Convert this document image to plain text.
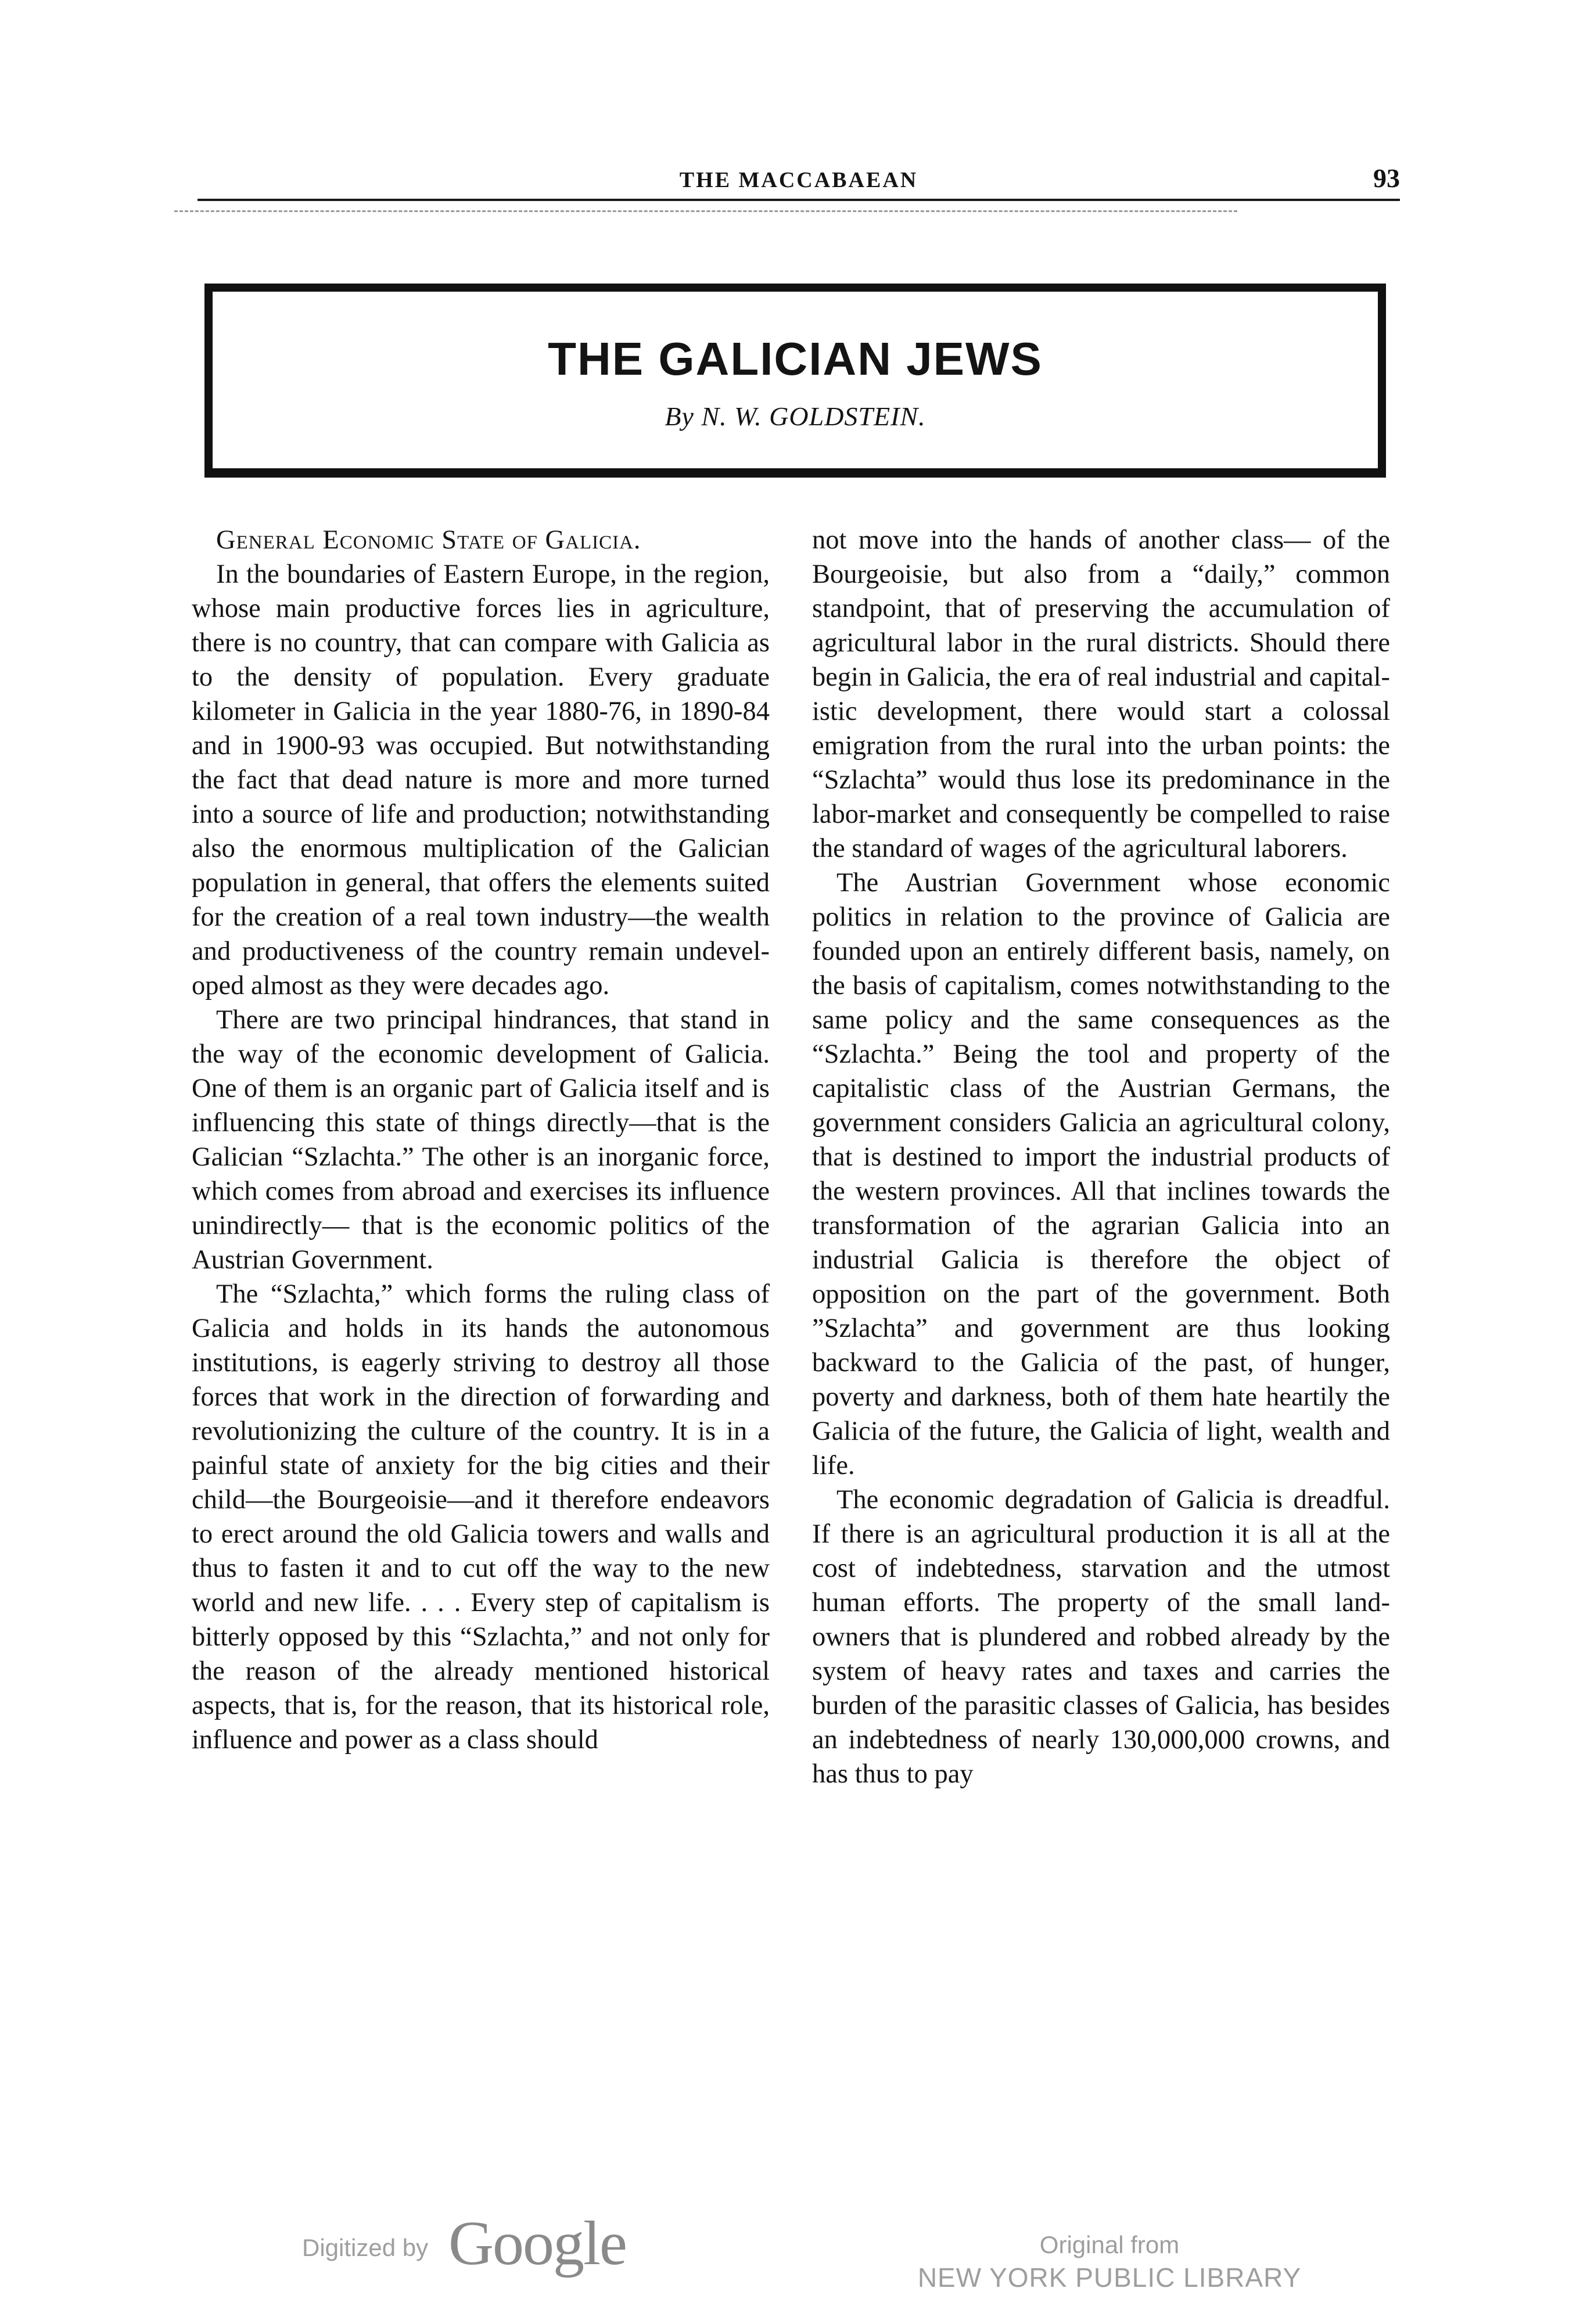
THE MACCABAEAN	93
THE GALICIAN JEWS
By N. W. GOLDSTEIN.
General Economic State of Galicia.

In the boundaries of Eastern Europe, in the region, whose main productive forces lies in agriculture, there is no country, that can compare with Galicia as to the density of population. Every graduate kilometer in Galicia in the year 1880-76, in 1890-84 and in 1900-93 was occupied. But notwithstanding the fact that dead nature is more and more turned into a source of life and production; notwithstanding also the enormous multiplication of the Galician population in general, that offers the elements suited for the creation of a real town industry—the wealth and productiveness of the country remain undeveloped almost as they were decades ago.

There are two principal hindrances, that stand in the way of the economic development of Galicia. One of them is an organic part of Galicia itself and is influencing this state of things directly—that is the Galician “Szlachta.” The other is an inorganic force, which comes from abroad and exercises its influence unindirectly— that is the economic politics of the Austrian Government.

The “Szlachta,” which forms the ruling class of Galicia and holds in its hands the autonomous institutions, is eagerly striving to destroy all those forces that work in the direction of forwarding and revolutionizing the culture of the country. It is in a painful state of anxiety for the big cities and their child—the Bourgeoisie—and it therefore endeavors to erect around the old Galicia towers and walls and thus to fasten it and to cut off the way to the new world and new life. . . . Every step of capitalism is bitterly opposed by this “Szlachta,” and not only for the reason of the already mentioned historical aspects, that is, for the reason, that its historical role, influence and power as a class should

not move into the hands of another class— of the Bourgeoisie, but also from a “daily,” common standpoint, that of preserving the accumulation of agricultural labor in the rural districts. Should there begin in Galicia, the era of real industrial and capitalistic development, there would start a colossal emigration from the rural into the urban points: the “Szlachta” would thus lose its predominance in the labor-market and consequently be compelled to raise the standard of wages of the agricultural laborers.

The Austrian Government whose economic politics in relation to the province of Galicia are founded upon an entirely different basis, namely, on the basis of capitalism, comes notwithstanding to the same policy and the same consequences as the “Szlachta.” Being the tool and property of the capitalistic class of the Austrian Germans, the government considers Galicia an agricultural colony, that is destined to import the industrial products of the western provinces. All that inclines towards the transformation of the agrarian Galicia into an industrial Galicia is therefore the object of opposition on the part of the government. Both ”Szlachta” and government are thus looking backward to the Galicia of the past, of hunger, poverty and darkness, both of them hate heartily the Galicia of the future, the Galicia of light, wealth and life.

The economic degradation of Galicia is dreadful. If there is an agricultural production it is all at the cost of indebtedness, starvation and the utmost human efforts. The property of the small land-owners that is plundered and robbed already by the system of heavy rates and taxes and carries the burden of the parasitic classes of Galicia, has besides an indebtedness of nearly 130,000,000 crowns, and has thus to pay

Digitized by Google	Original from
NEW YORK PUBLIC LIBRARY
